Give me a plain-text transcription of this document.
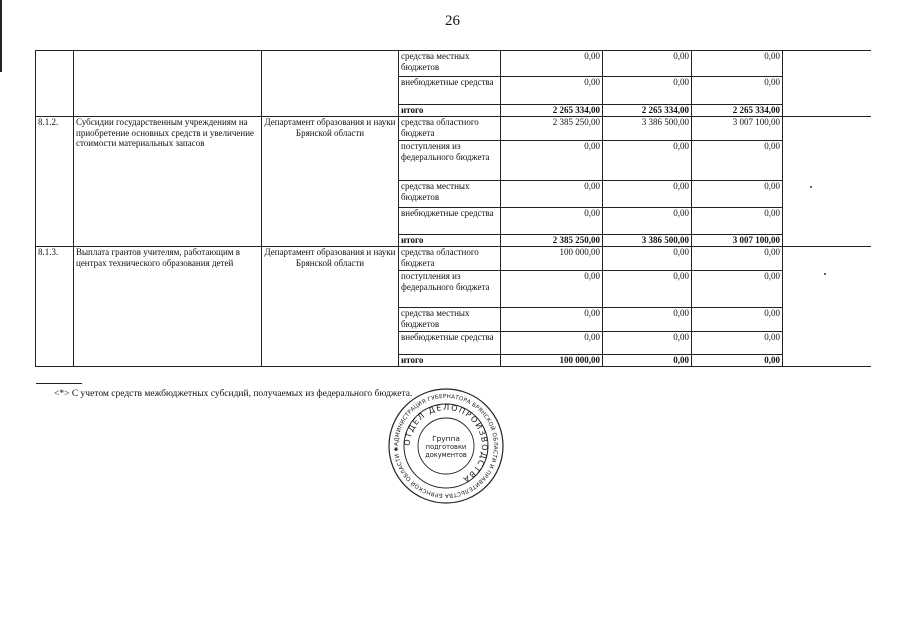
26
			средства местных бюджетов	0,00	0,00	0,00	
			внебюджетные средства	0,00	0,00	0,00	
			итого	2 265 334,00	2 265 334,00	2 265 334,00	
8.1.2.	Субсидии государственным учреждениям на приобретение основных средств и увеличение стоимости материальных запасов	Департамент образования и науки Брянской области	средства областного бюджета	2 385 250,00	3 386 500,00	3 007 100,00	
			поступления из федерального бюджета	0,00	0,00	0,00	
			средства местных бюджетов	0,00	0,00	0,00	
			внебюджетные средства	0,00	0,00	0,00	
			итого	2 385 250,00	3 386 500,00	3 007 100,00	
8.1.3.	Выплата грантов учителям, работающим в центрах технического образования детей	Департамент образования и науки Брянской области	средства областного бюджета	100 000,00	0,00	0,00	
			поступления из федерального бюджета	0,00	0,00	0,00	
			средства местных бюджетов	0,00	0,00	0,00	
			внебюджетные средства	0,00	0,00	0,00	
			итого	100 000,00	0,00	0,00	
<*> С учетом средств межбюджетных субсидий, получаемых из федерального бюджета.
АДМИНИСТРАЦИЯ ГУБЕРНАТОРА БРЯНСКОЙ ОБЛАСТИ И ПРАВИТЕЛЬСТВА БРЯНСКОЙ ОБЛАСТИ ✱
ОТДЕЛ ДЕЛОПРОИЗВОДСТВА
Группа
подготовки
документов
